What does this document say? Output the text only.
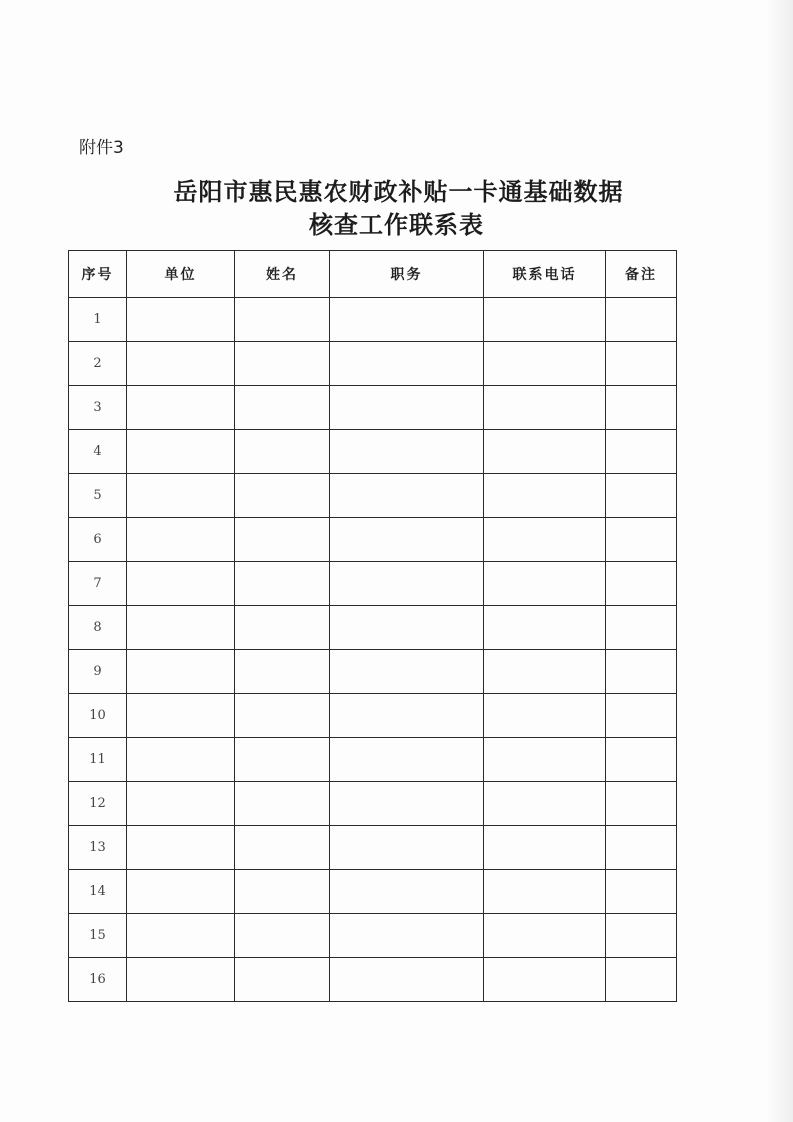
附件3
岳阳市惠民惠农财政补贴一卡通基础数据
核查工作联系表
序号	单位	姓名	职务	联系电话	备注
1					
2					
3					
4					
5					
6					
7					
8					
9					
10					
11					
12					
13					
14					
15					
16					
